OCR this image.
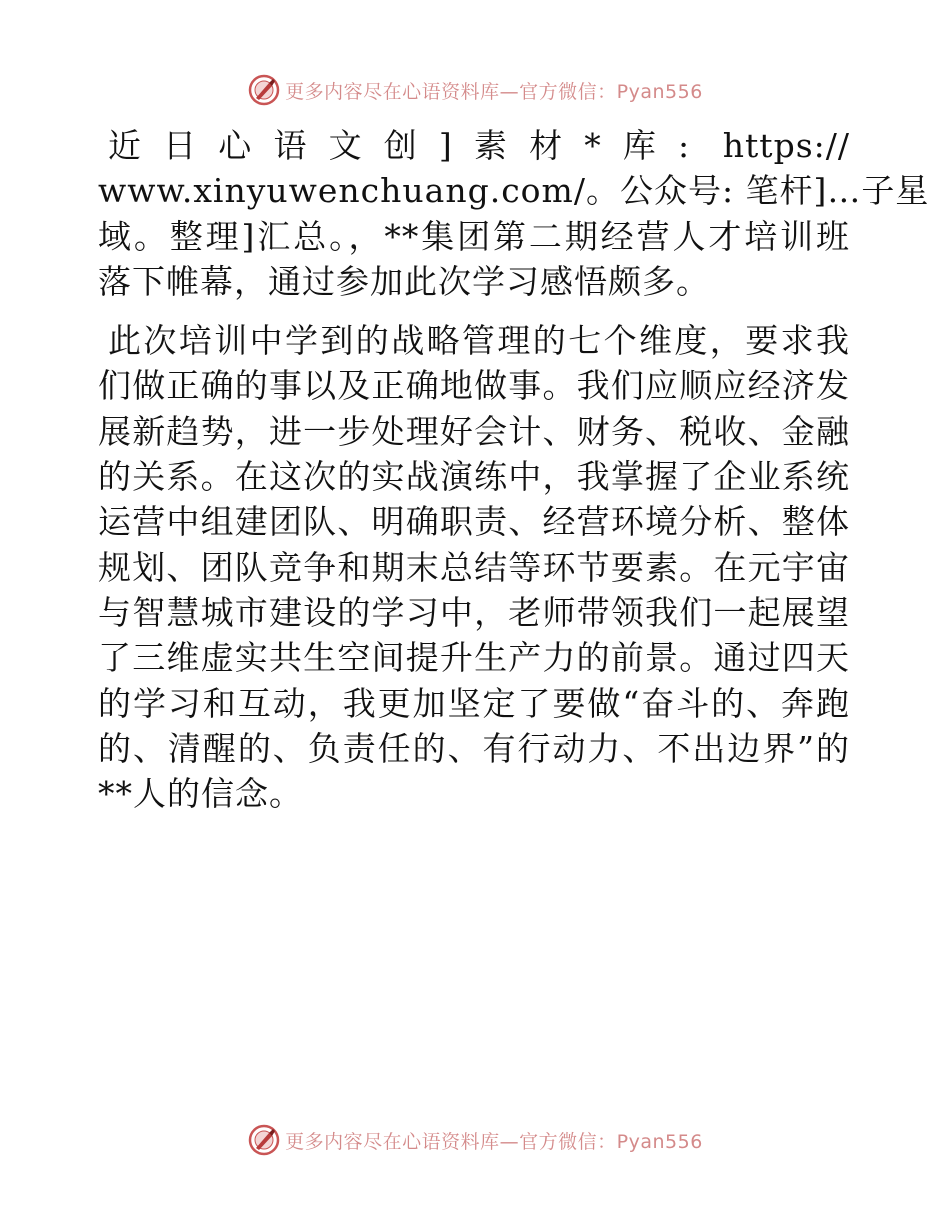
更多内容尽在心语资料库—官方微信：Pyan556

近日心语文创]素材*库: https://
www.xinyuwenchuang.com/。公众号: 笔杆]…子星
域。整理]汇总。，**集团第二期经营人才培训班
落下帷幕，通过参加此次学习感悟颇多。

此次培训中学到的战略管理的七个维度，要求我
们做正确的事以及正确地做事。我们应顺应经济发
展新趋势，进一步处理好会计、财务、税收、金融
的关系。在这次的实战演练中，我掌握了企业系统
运营中组建团队、明确职责、经营环境分析、整体
规划、团队竞争和期末总结等环节要素。在元宇宙
与智慧城市建设的学习中，老师带领我们一起展望
了三维虚实共生空间提升生产力的前景。通过四天
的学习和互动，我更加坚定了要做“奋斗的、奔跑
的、清醒的、负责任的、有行动力、不出边界”的
**人的信念。

更多内容尽在心语资料库—官方微信：Pyan556
